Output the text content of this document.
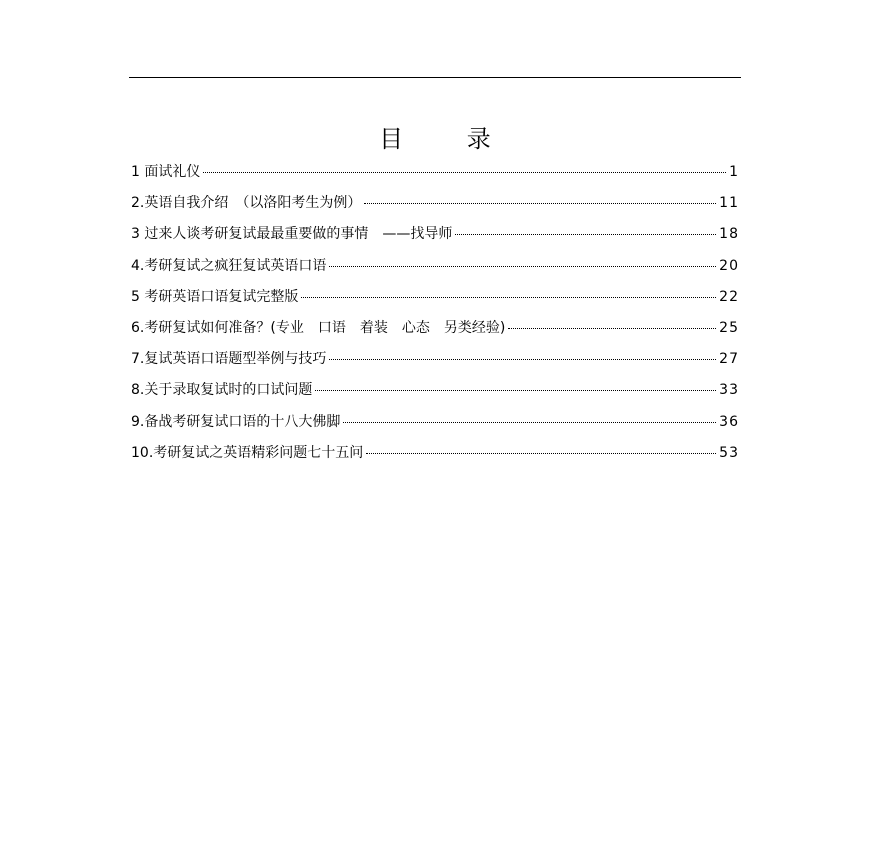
目 录
1 面试礼仪	1
2.英语自我介绍　（以洛阳考生为例）	11
3 过来人谈考研复试最最重要做的事情　——找导师	18
4.考研复试之疯狂复试英语口语	20
5 考研英语口语复试完整版	22
6.考研复试如何准备？(专业　口语　着装　心态　另类经验)	25
7.复试英语口语题型举例与技巧	27
8.关于录取复试时的口试问题	33
9.备战考研复试口语的十八大佛脚	36
10.考研复试之英语精彩问题七十五问	53
